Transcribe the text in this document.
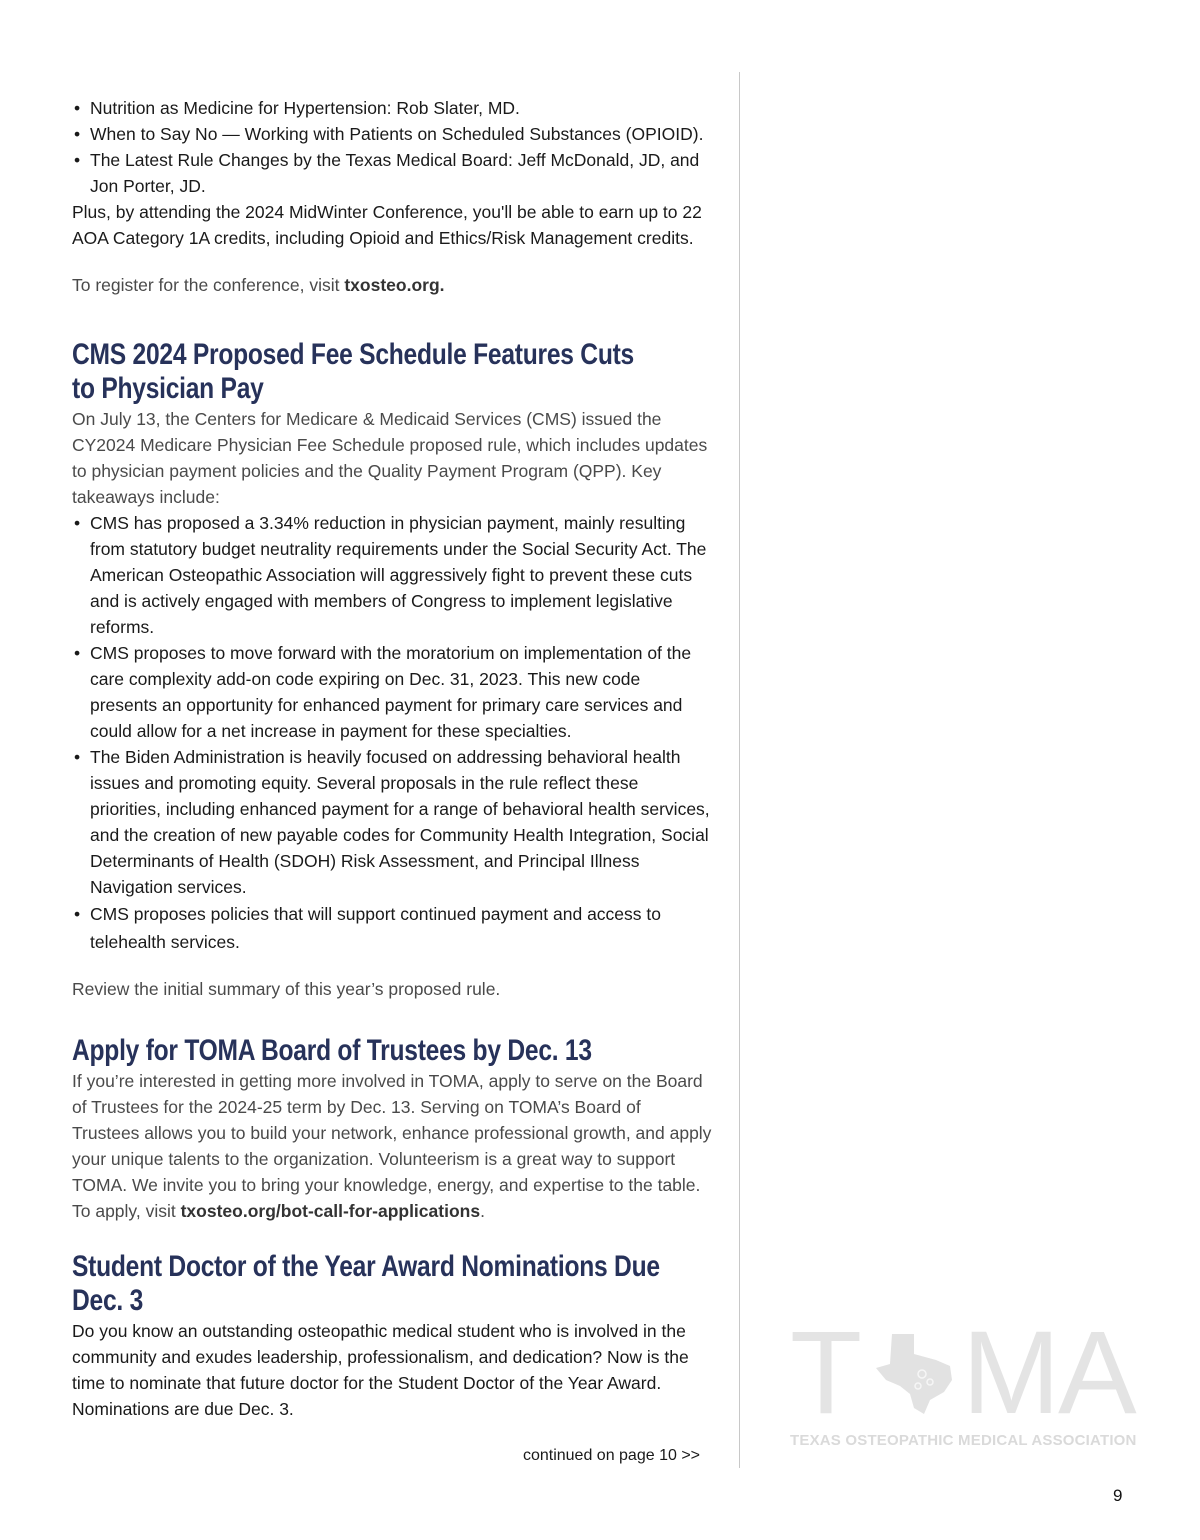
• Nutrition as Medicine for Hypertension: Rob Slater, MD.
• When to Say No — Working with Patients on Scheduled Substances (OPIOID).
• The Latest Rule Changes by the Texas Medical Board: Jeff McDonald, JD, and Jon Porter, JD.

Plus, by attending the 2024 MidWinter Conference, you'll be able to earn up to 22 AOA Category 1A credits, including Opioid and Ethics/Risk Management credits.

To register for the conference, visit txosteo.org.

CMS 2024 Proposed Fee Schedule Features Cuts
to Physician Pay

On July 13, the Centers for Medicare & Medicaid Services (CMS) issued the CY2024 Medicare Physician Fee Schedule proposed rule, which includes updates to physician payment policies and the Quality Payment Program (QPP). Key takeaways include:

• CMS has proposed a 3.34% reduction in physician payment, mainly resulting from statutory budget neutrality requirements under the Social Security Act. The American Osteopathic Association will aggressively fight to prevent these cuts and is actively engaged with members of Congress to implement legislative reforms.
• CMS proposes to move forward with the moratorium on implementation of the care complexity add-on code expiring on Dec. 31, 2023. This new code presents an opportunity for enhanced payment for primary care services and could allow for a net increase in payment for these specialties.
• The Biden Administration is heavily focused on addressing behavioral health issues and promoting equity. Several proposals in the rule reflect these priorities, including enhanced payment for a range of behavioral health services, and the creation of new payable codes for Community Health Integration, Social Determinants of Health (SDOH) Risk Assessment, and Principal Illness Navigation services.
• CMS proposes policies that will support continued payment and access to telehealth services.

Review the initial summary of this year’s proposed rule.

Apply for TOMA Board of Trustees by Dec. 13

If you’re interested in getting more involved in TOMA, apply to serve on the Board of Trustees for the 2024-25 term by Dec. 13. Serving on TOMA’s Board of Trustees allows you to build your network, enhance professional growth, and apply your unique talents to the organization. Volunteerism is a great way to support TOMA. We invite you to bring your knowledge, energy, and expertise to the table. To apply, visit txosteo.org/bot-call-for-applications.

Student Doctor of the Year Award Nominations Due Dec. 3

Do you know an outstanding osteopathic medical student who is involved in the community and exudes leadership, professionalism, and dedication? Now is the time to nominate that future doctor for the Student Doctor of the Year Award. Nominations are due Dec. 3.

continued on page 10 >>
T M
A
TEXAS OSTEOPATHIC MEDICAL ASSOCIATION
9
